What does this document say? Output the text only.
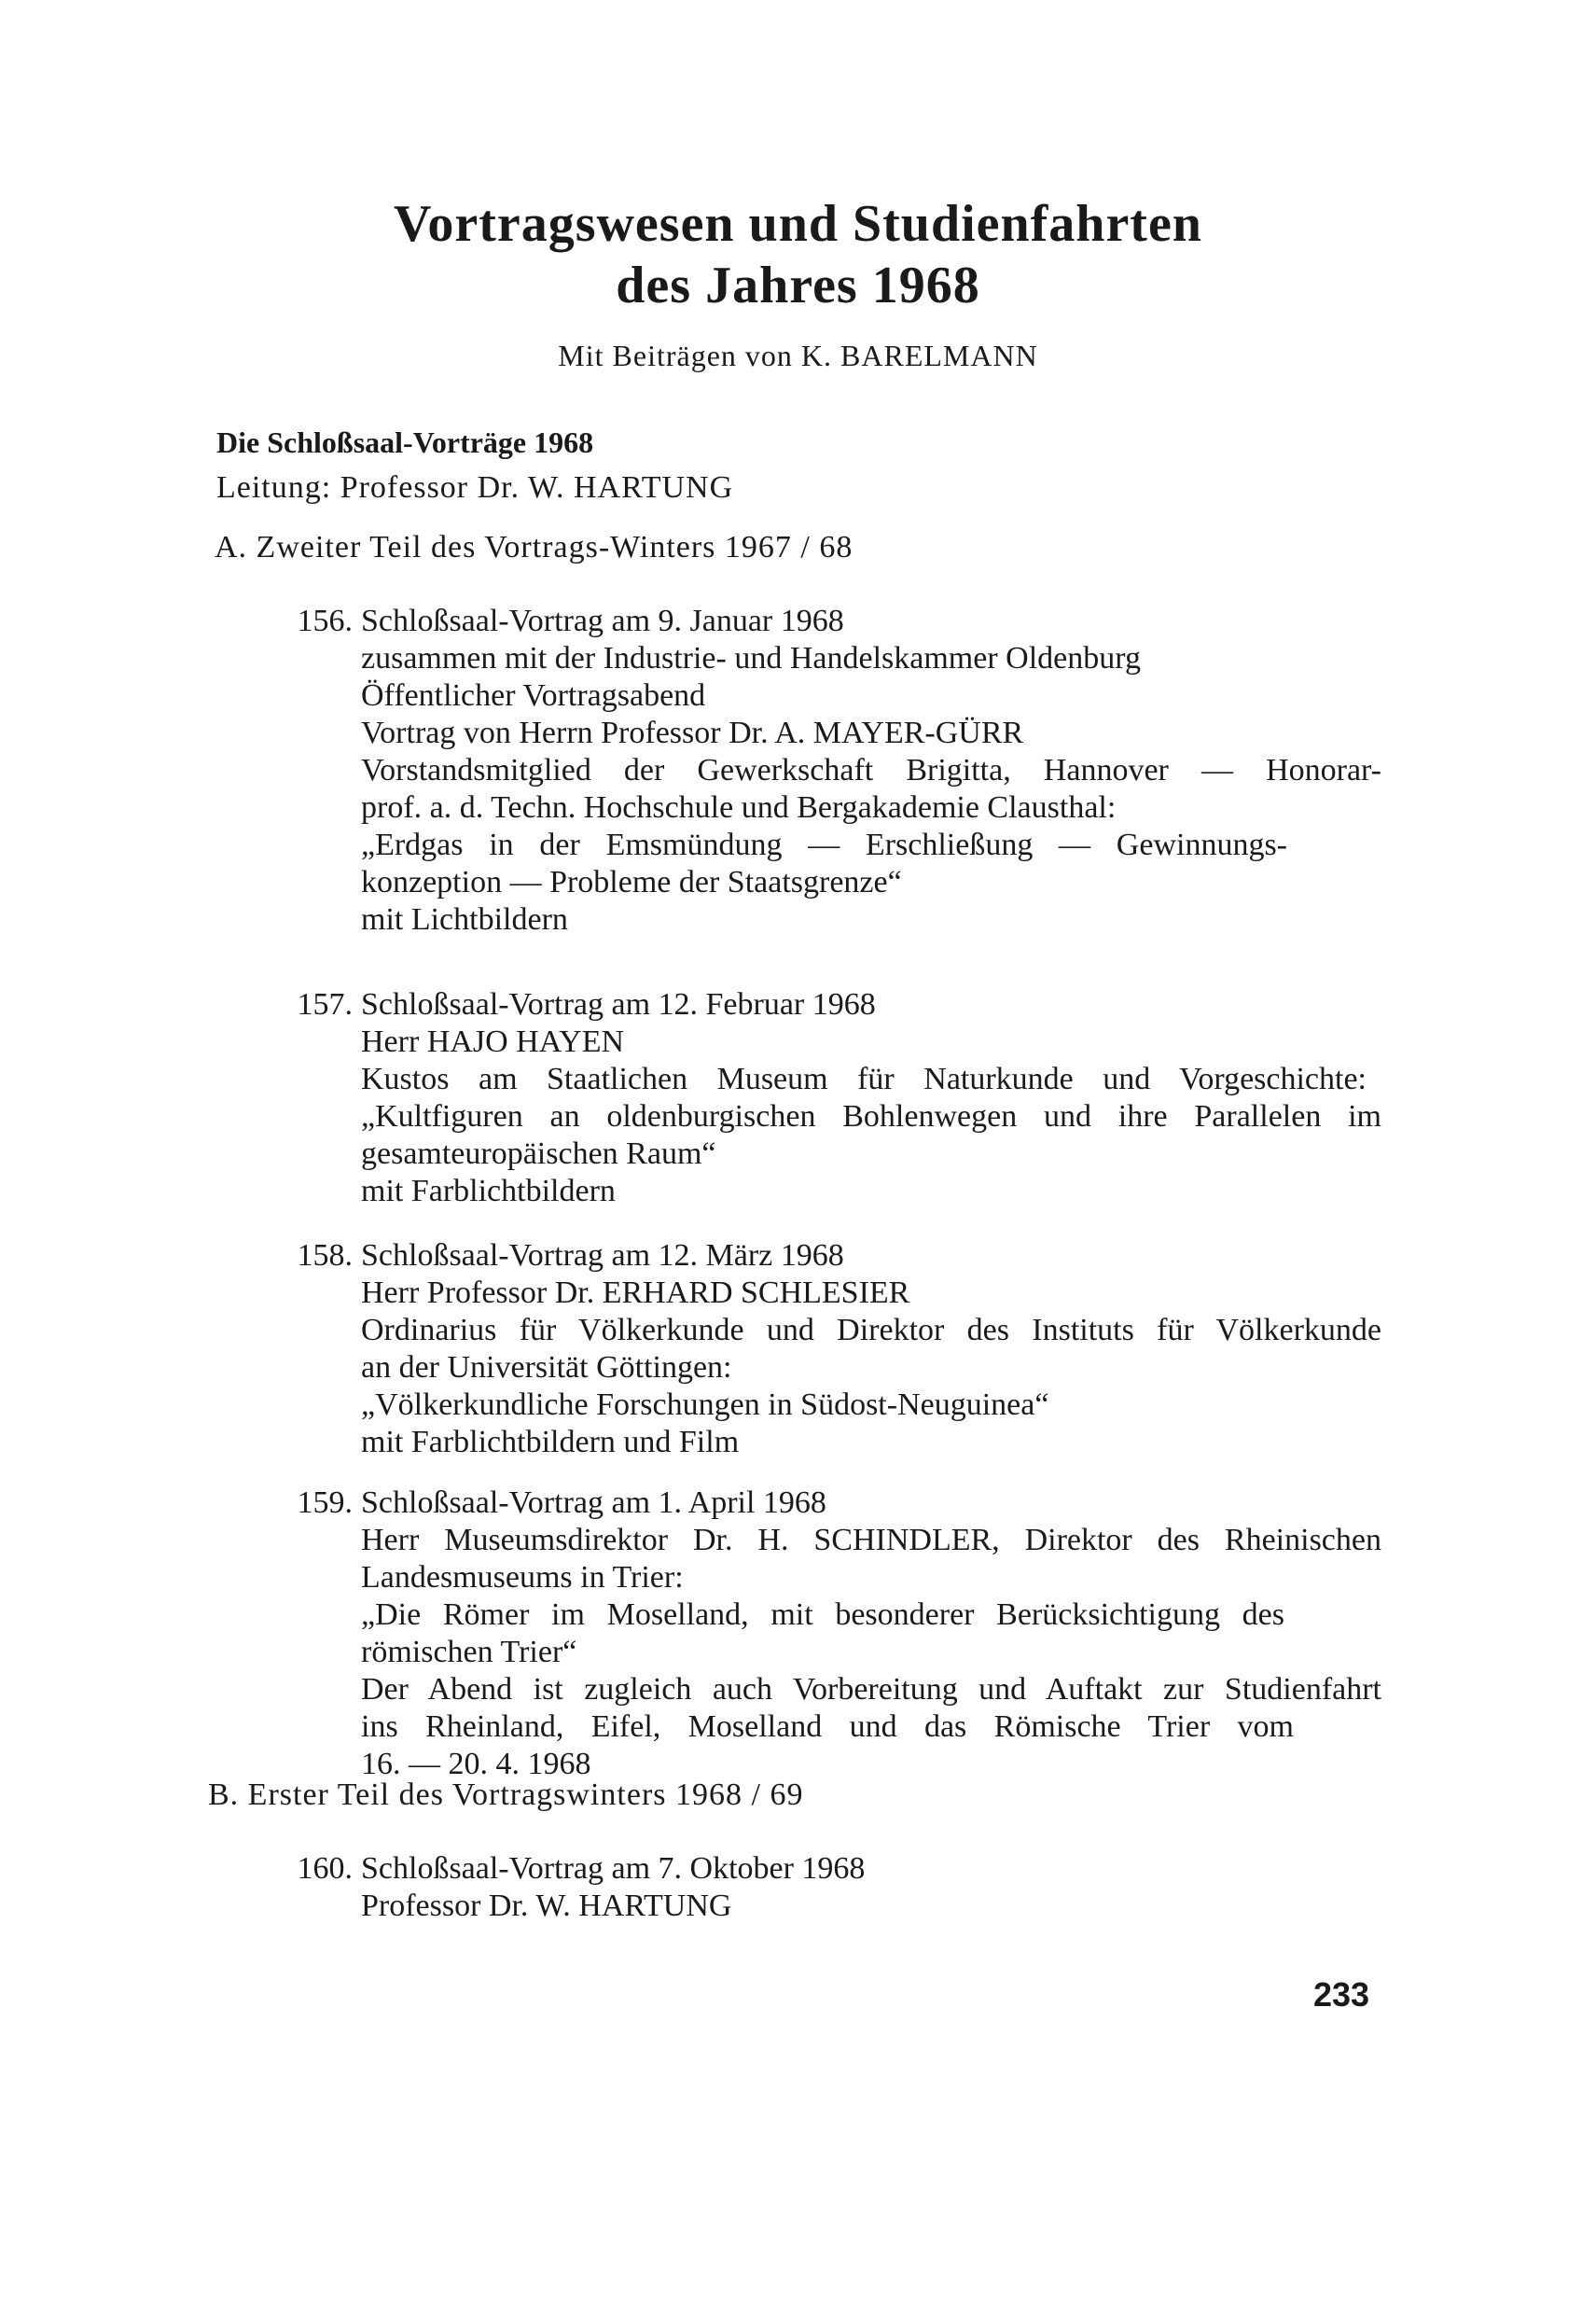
Vortragswesen und Studienfahrten
des Jahres 1968
Mit Beiträgen von K. BARELMANN
Die Schloßsaal-Vorträge 1968
Leitung: Professor Dr. W. HARTUNG
A. Zweiter Teil des Vortrags-Winters 1967 / 68
156. Schloßsaal-Vortrag am 9. Januar 1968
zusammen mit der Industrie- und Handelskammer Oldenburg
Öffentlicher Vortragsabend
Vortrag von Herrn Professor Dr. A. MAYER-GÜRR
Vorstandsmitglied der Gewerkschaft Brigitta, Hannover — Honorar-
prof. a. d. Techn. Hochschule und Bergakademie Clausthal:
„Erdgas in der Emsmündung — Erschließung — Gewinnungs-
konzeption — Probleme der Staatsgrenze“
mit Lichtbildern
157. Schloßsaal-Vortrag am 12. Februar 1968
Herr HAJO HAYEN
Kustos am Staatlichen Museum für Naturkunde und Vorgeschichte:
„Kultfiguren an oldenburgischen Bohlenwegen und ihre Parallelen im
gesamteuropäischen Raum“
mit Farblichtbildern
158. Schloßsaal-Vortrag am 12. März 1968
Herr Professor Dr. ERHARD SCHLESIER
Ordinarius für Völkerkunde und Direktor des Instituts für Völkerkunde
an der Universität Göttingen:
„Völkerkundliche Forschungen in Südost-Neuguinea“
mit Farblichtbildern und Film
159. Schloßsaal-Vortrag am 1. April 1968
Herr Museumsdirektor Dr. H. SCHINDLER, Direktor des Rheinischen
Landesmuseums in Trier:
„Die Römer im Moselland, mit besonderer Berücksichtigung des
römischen Trier“
Der Abend ist zugleich auch Vorbereitung und Auftakt zur Studienfahrt
ins Rheinland, Eifel, Moselland und das Römische Trier vom
16. — 20. 4. 1968
B. Erster Teil des Vortragswinters 1968 / 69
160. Schloßsaal-Vortrag am 7. Oktober 1968
Professor Dr. W. HARTUNG
233
